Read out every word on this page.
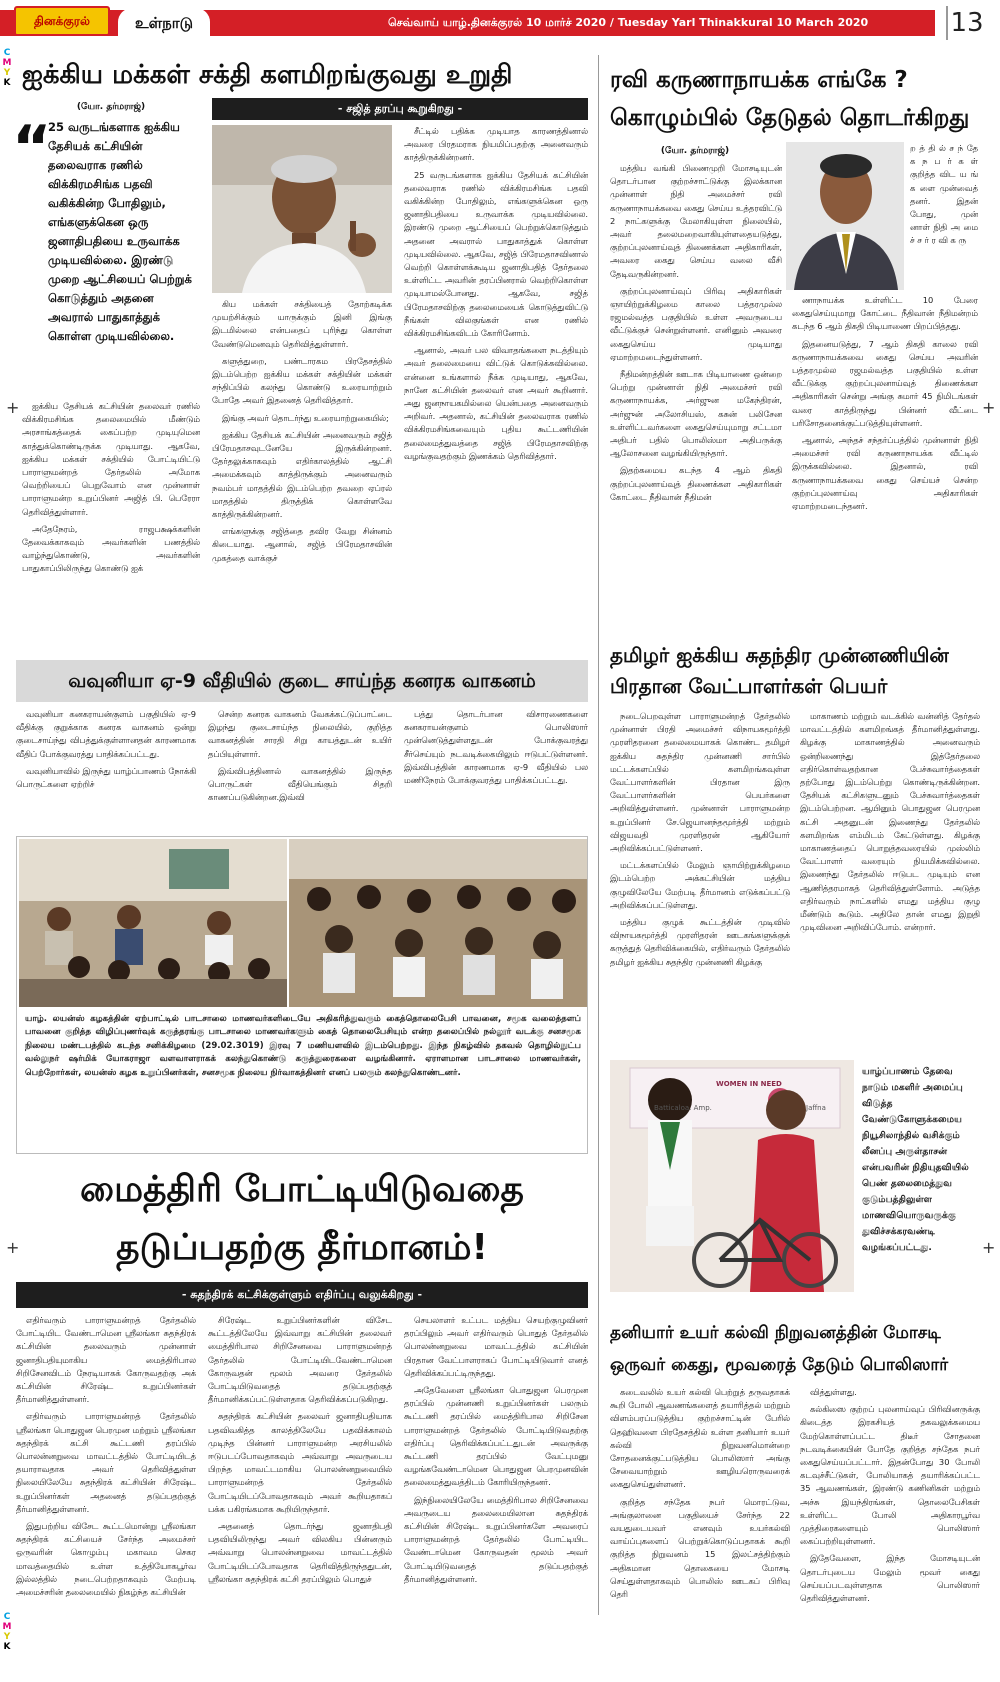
தினக்குரல்	உள்நாடு	செவ்வாய் யாழ்.தினக்குரல் 10 மார்ச் 2020 / Tuesday Yarl Thinakkural 10 March 2020	13
C
M
Y
K
C
M
Y
K
+	+
+	+
ஐக்கிய மக்கள் சக்தி களமிறங்குவது உறுதி
- சஜித் தரப்பு கூறுகிறது -
(யோ. தர்மராஜ்)
“
25 வருடங்களாக ஐக்கிய தேசியக் கட்சியின் தலைவராக ரணில் விக்கிரமசிங்க பதவி வகிக்கின்ற போதிலும், எங்களுக்கென ஒரு ஜனாதிபதியை உருவாக்க முடியவில்லை. இரண்டு முறை ஆட்சியைப் பெற்றுக் கொடுத்தும் அதனை அவரால் பாதுகாத்துக் கொள்ள முடியவில்லை.

ஐக்கிய தேசியக் கட்சியின் தலைவர் ரணில் விக்கிரமசிங்க தலைமையில் மீண்டும் அரசாங்கத்தைக் கைப்பற்ற முடியுமென காத்துக்கொண்டிருக்க முடியாது. ஆகவே, ஐக்கிய மக்கள் சக்தியில் போட்டியிட்டு பாராளுமன்றத் தேர்தலில் அமோக வெற்றியைப் பெறுவோம் என முன்னாள் பாராளுமன்ற உறுப்பினர் அஜித் பி. பெரேரா தெரிவித்துள்ளார்.

அதேநேரம், ராஜபக்ஷக்களின் தேவைக்காகவும் அவர்களின் பணத்தில் வாழ்ந்துகொண்டு, அவர்களின் பாதுகாப்பிலிருந்து கொண்டு ஐக்

கிய மக்கள் சக்தியைத் தோற்கடிக்க முயற்சிக்கும் யாருக்கும் இனி இங்கு இடமில்லை என்பதைப் புரிந்து கொள்ள வேண்டுமெனவும் தெரிவித்துள்ளார்.

களுத்துறை, பண்டாரகம பிரதேசத்தில் இடம்பெற்ற ஐக்கிய மக்கள் சக்தியின் மக்கள் சந்திப்பில் கலந்து கொண்டு உரையாற்றும் போதே அவர் இதனைத் தெரிவித்தார்.

இங்கு அவர் தொடர்ந்து உரையாற்றுகையில்;

ஐக்கிய தேசியக் கட்சியின் அனைவரும் சஜித் பிரேமதாசவுடனேயே இருக்கின்றனர். தேர்தலுக்காகவும் எதிர்காலத்தில் ஆட்சி அமைக்கவும் காத்திருக்கும் அனைவரும் நவம்பர் மாதத்தில் இடம்பெற்ற தவறை ஏப்ரல் மாதத்தில் திருத்திக் கொள்ளவே காத்திருக்கின்றனர்.

எங்களுக்கு சஜித்தை தவிர வேறு சின்னம் கிடையாது. ஆனால், சஜித் பிரேமதாசவின் முகத்தை வாக்குச்

சீட்டில் பதிக்க முடியாத காரணத்தினால் அவரை பிரதமராக நியமிப்பதற்கு அனைவரும் காத்திருக்கின்றனர்.

25 வருடங்களாக ஐக்கிய தேசியக் கட்சியின் தலைவராக ரணில் விக்கிரமசிங்க பதவி வகிக்கின்ற போதிலும், எங்களுக்கென ஒரு ஜனாதிபதியை உருவாக்க முடியவில்லை. இரண்டு முறை ஆட்சியைப் பெற்றுக்கொடுத்தும் அதனை அவரால் பாதுகாத்துக் கொள்ள முடியவில்லை. ஆகவே, சஜித் பிரேமதாசவினால் வெற்றி கொள்ளக்கூடிய ஜனாதிபதித் தேர்தலை உள்ளிட்ட அவரின் தரப்பினரால் வெற்றிகொள்ள முடியாமல்போனது. ஆகவே, சஜித் பிரேமதாசவிற்கு தலைமையைக் கொடுத்துவிட்டு நீங்கள் விலகுங்கள் என ரணில் விக்கிரமசிங்கவிடம் கோரினோம்.

ஆனால், அவர் பல விவாதங்களை நடத்தியும் அவர் தலைமையை விட்டுக் கொடுக்கவில்லை. என்னை உங்களால் நீக்க முடியாது, ஆகவே, நானே கட்சியின் தலைவர் என அவர் கூறினார். அது ஜனநாயகமில்லை யென்பதை அனைவரும் அறிவர். அதனால், கட்சியின் தலைவராக ரணில் விக்கிரமசிங்கவையும் புதிய கூட்டணியின் தலைமைத்துவத்தை சஜித் பிரேமதாசவிற்கு வழங்குவதற்கும் இணக்கம் தெரிவித்தார்.

ரவி கருணாநாயக்க எங்கே ?
கொழும்பில் தேடுதல் தொடர்கிறது
(யோ. தர்மராஜ்)

மத்திய வங்கி பிணைமுறி மோசடியுடன் தொடர்பான குற்றச்சாட்டுக்கு இலக்கான முன்னாள் நிதி அமைச்சர் ரவி கருணாநாயக்கவை கைது செய்ய உத்தரவிட்டு 2 நாட்களுக்கு மேலாகியுள்ள நிலையில், அவர் தலைமறைவாகியுள்ளதையடுத்து, குற்றப்புலனாய்வுத் திணைக்கள அதிகாரிகள், அவரை கைது செய்ய வலை வீசி தேடிவருகின்றனர்.

குற்றப்புலனாய்வுப் பிரிவு அதிகாரிகள் ஞாயிற்றுக்கிழமை காலை பத்தரமுல்ல ரஜமல்வத்த பகுதியில் உள்ள அவருடைய வீட்டுக்குச் சென்றுள்ளனர். எனினும் அவரை கைதுசெய்ய முடியாது ஏமாற்றமடைந்துள்ளனர்.

நீதிமன்றத்தின் ஊடாக பிடியாணை ஒன்றை பெற்று முன்னாள் நிதி அமைச்சர் ரவி கருணாநாயக்க, அர்ஜுன மகேந்திரன், அர்ஜுன் அலோசியஸ், கசுன் பலிசேன உள்ளிட்டவர்களை கைதுசெய்யுமாறு சட்டமா அதிபர் பதில் பொலிஸ்மா அதிபருக்கு ஆலோசனை வழங்கியிருந்தார்.

இதற்கமைய கடந்த 4 ஆம் திகதி குற்றப்புலனாய்வுத் திணைக்கள அதிகாரிகள் கோட்டை நீதிவான் நீதிமன்

ற த் தி ல் ச ந் தே க ந ப ர் க ள் குறித்த விட ய ங் க ளை முன்வைத் தனர். இதன் போது, முன் னாள் நிதி அ மை ச் ச ர் ர வி க ரு

ணாநாயக்க உள்ளிட்ட 10 பேரை கைதுசெய்யுமாறு கோட்டை நீதிவான் நீதிமன்றம் கடந்த 6 ஆம் திகதி பிடியாணை பிறப்பித்தது.

இதனையடுத்து, 7 ஆம் திகதி காலை ரவி கருணாநாயக்கவை கைது செய்ய அவரின் பத்தரமுல்ல ரஜமல்வத்த பகுதியில் உள்ள வீட்டுக்கு குற்றப்புலனாய்வுத் திணைக்கள அதிகாரிகள் சென்று அங்கு சுமார் 45 நிமிடங்கள் வரை காத்திருந்து பின்னர் வீட்டை பரிசோதனைக்குட்படுத்தியுள்ளனர்.

ஆனால், அந்தச் சந்தர்ப்பத்தில் முன்னாள் நிதி அமைச்சர் ரவி கருணாநாயக்க வீட்டில் இருக்கவில்லை. இதனால், ரவி கருணாநாயக்கவை கைது செய்யச் சென்ற குற்றப்புலனாய்வு அதிகாரிகள் ஏமாற்றமடைந்தனர்.

வவுனியா ஏ-9 வீதியில் குடை சாய்ந்த கனரக வாகனம்

வவுனியா கனகராயன்குளம் பகுதியில் ஏ-9 வீதிக்கு குறுக்காக கனரக வாகனம் ஒன்று குடைசாய்ந்து விபத்துக்குள்ளானதன் காரணமாக வீதிப் போக்குவரத்து பாதிக்கப்பட்டது.

வவுனியாவில் இருந்து யாழ்ப்பாணம் நோக்கி பொருட்களை ஏற்றிச்

சென்ற கனரக வாகனம் வேகக்கட்டுப்பாட்டை இழந்து குடைசாய்ந்த நிலையில், குறித்த வாகனத்தின் சாரதி சிறு காயத்துடன் உயிர் தப்பியுள்ளார்.

இவ்விபத்தினால் வாகனத்தில் இருந்த பொருட்கள் வீதியெங்கும் சிதறி காணப்படுகின்றன.இவ்வி

பத்து தொடர்பான விசாரணைகளை கனகராயன்குளம் பொலிஸார் முன்னெடுத்துள்ளதுடன் போக்குவரத்து சீர்செய்யும் நடவடிக்கையிலும் ஈடுபட்டுள்ளனர். இவ்விபத்தின் காரணமாக ஏ-9 வீதியில் பல மணிநேரம் போக்குவரத்து பாதிக்கப்பட்டது.

யாழ். லயன்ஸ் கழகத்தின் ஏற்பாட்டில் பாடசாலை மாணவர்களிடையே அதிகரித்துவரும் கைத்தொலைபேசி பாவனை, சமூக வலைத்தளப் பாவனை குறித்த விழிப்புணர்வுக் கருத்தரங்கு பாடசாலை மாணவர்களும் கைத் தொலைபேசியும் என்ற தலைப்பில் நல்லூர் வடக்கு சனசமூக நிலைய மண்டபத்தில் கடந்த சனிக்கிழமை (29.02.3019) இரவு 7 மணியளவில் இடம்பெற்றது. இந்த நிகழ்வில் தகவல் தொழில்நுட்ப வல்லுநர் ஷர்மிக் யோகராஜா வளவாளராகக் கலந்துகொண்டு கருத்துரைகளை வழங்கினார். ஏராளமான பாடசாலை மாணவர்கள், பெற்றோர்கள், லயன்ஸ் கழக உறுப்பினர்கள், சனசமூக நிலைய நிர்வாகத்தினர் எனப் பலரும் கலந்துகொண்டனர்.
தமிழர் ஐக்கிய சுதந்திர முன்னணியின் பிரதான வேட்பாளர்கள் பெயர்

நடைபெறவுள்ள பாராளுமன்றத் தேர்தலில் முன்னாள் பிரதி அமைச்சர் விநாயகமூர்த்தி முரளிதரனை தலைமையாகக் கொண்ட தமிழர் ஐக்கிய சுதந்திர முன்னணி சார்பில் மட்டக்களப்பில் களமிறங்கவுள்ள வேட்பாளர்களின் பிரதான இரு வேட்பாளர்களின் பெயர்களை அறிவித்துள்ளனர். முன்னாள் பாராளுமன்ற உறுப்பினர் சே.ஜெயானந்தமூர்த்தி மற்றும் விஜயவதி முரளிதரன் ஆகியோர் அறிவிக்கப்பட்டுள்ளனர்.

மட்டக்களப்பில் மேலும் ஞாயிற்றுக்கிழமை இடம்பெற்ற அக்கட்சியின் மத்திய குழுவிலேயே மேற்படி தீர்மானம் எடுக்கப்பட்டு அறிவிக்கப்பட்டுள்ளது.

மத்திய குழுக் கூட்டத்தின் முடிவில் விநாயகமூர்த்தி முரளிதரன் ஊடகங்களுக்குக் கருத்துத் தெரிவிக்கையில், எதிர்வரும் தேர்தலில் தமிழர் ஐக்கிய சுதந்திர முன்னணி கிழக்கு

மாகாணம் மற்றும் வடக்கில் வன்னித் தேர்தல் மாவட்டத்தில் களமிறங்கத் தீர்மானித்துள்ளது. கிழக்கு மாகாணத்தில் அனைவரும் ஒன்றிணைந்து இத்தேர்தலை எதிர்கொள்வதற்கான பேச்சுவார்த்தைகள் தற்போது இடம்பெற்று கொண்டிருக்கின்றன. தேசியக் கட்சிகளுடனும் பேச்சுவார்த்தைகள் இடம்பெற்றன. ஆயினும் பொதுஜன பெரமுன கட்சி அதனுடன் இணைந்து தேர்தலில் களமிறங்க எம்மிடம் கேட்டுள்ளது. கிழக்கு மாகாணத்தைப் பொறுத்தவரையில் முஸ்லிம் வேட்பாளர் வரையும் நியமிக்கவில்லை. இணைந்து தேர்தலில் ஈடுபட முடியும் என ஆணித்தரமாகத் தெரிவித்துள்ளோம். அடுத்த எதிர்வரும் நாட்களில் எமது மத்திய குழு மீண்டும் கூடும். அதிலே தான் எமது இறுதி முடிவினை அறிவிப்போம். என்றார்.

WOMEN IN NEED
Batticaloa. Amp.	Jaffna
யாழ்ப்பாணம் தேவை நாடும் மகளிர் அமைப்பு விடுத்த வேண்டுகோளுக்கமைய நியூசிலாந்தில் வசிக்கும் லீனப்பு அருள்தாசன் என்பவரின் நிதியுதவியில் பெண் தலைமைத்துவ குடும்பத்திலுள்ள மாணவியொருவருக்கு துவிச்சக்கரவண்டி வழங்கப்பட்டது.
மைத்திரி போட்டியிடுவதை
தடுப்பதற்கு தீர்மானம்!
- சுதந்திரக் கட்சிக்குள்ளும் எதிர்ப்பு வலுக்கிறது -

எதிர்வரும் பாராளுமன்றத் தேர்தலில் போட்டியிட வேண்டாமென ஸ்ரீலங்கா சுதந்திரக் கட்சியின் தலைவரும் முன்னாள் ஜனாதிபதியுமாகிய மைத்திரிபால சிறிசேனவிடம் நேரடியாகக் கோருவதற்கு அக் கட்சியின் சிரேஷ்ட உறுப்பினர்கள் தீர்மானித்துள்ளனர்.

எதிர்வரும் பாராளுமன்றத் தேர்தலில் ஸ்ரீலங்கா பொதுஜன பெரமுன மற்றும் ஸ்ரீலங்கா சுதந்திரக் கட்சி கூட்டணி தரப்பில் பொலன்னறுவை மாவட்டத்தில் போட்டியிடத் தயாராவதாக அவர் தெரிவித்துள்ள நிலையிலேயே சுதந்திரக் கட்சியின் சிரேஷ்ட உறுப்பினர்கள் அதனைத் தடுப்பதற்குத் தீர்மானித்துள்ளனர்.

இதுபற்றிய விசேட கூட்டமொன்று ஸ்ரீலங்கா சுதந்திரக் கட்சியைச் சேர்ந்த அமைச்சர் ஒருவரின் கொழும்பு மகாவம செகர மாவத்தையில் உள்ள உத்தியோகபூர்வ இல்லத்தில் நடைபெற்றதாகவும் மேற்படி அமைச்சரின் தலைமையில் நிகழ்ந்த கட்சியின்

சிரேஷ்ட உறுப்பினர்களின் விசேட கூட்டத்திலேயே இவ்வாறு கட்சியின் தலைவர் மைத்திரிபால சிறிசேனவை பாராளுமன்றத் தேர்தலில் போட்டியிடவேண்டாமென கோருவதன் மூலம் அவரை தேர்தலில் போட்டியிடுவதைத் தடுப்பதற்குத் தீர்மானிக்கப்பட்டுள்ளதாக தெரிவிக்கப்படுகிறது.

சுதந்திரக் கட்சியின் தலைவர் ஜனாதிபதியாக பதவிவகித்த காலத்திலேயே பதவிக்காலம் முடிந்த பின்னர் பாராளுமன்ற அரசியலில் ஈடுபடப்போவதாகவும் அவ்வாறு அவருடைய பிறந்த மாவட்டமாகிய பொலன்னறுவையில் பாராளுமன்றத் தேர்தலில் போட்டியிடப்போவதாகவும் அவர் கூறியதாகப் பக்க பகிரங்கமாக கூறியிருந்தார்.

அதனைத் தொடர்ந்து ஜனாதிபதி பதவியிலிருந்து அவர் விலகிய பின்னரும் அவ்வாறு பொலன்னறுவை மாவட்டத்தில் போட்டியிடப்போவதாக தெரிவித்திருந்ததுடன், ஸ்ரீலங்கா சுதந்திரக் கட்சி தரப்பிலும் பொதுச்

செயலாளர் உட்பட மத்திய செயற்குழுவினர் தரப்பிலும் அவர் எதிர்வரும் பொதுத் தேர்தலில் பொலன்னறுவை மாவட்டத்தில் கட்சியின் பிரதான வேட்பாளராகப் போட்டியிடுவார் எனத் தெரிவிக்கப்பட்டிருந்தது.

அதேவேளை ஸ்ரீலங்கா பொதுஜன பெரமுன தரப்பில் முன்னணி உறுப்பினர்கள் பலரும் கூட்டணி தரப்பில் மைத்திரிபால சிறிசேன பாராளுமன்றத் தேர்தலில் போட்டியிடுவதற்கு எதிர்ப்பு தெரிவிக்கப்பட்டதுடன் அவருக்கு கூட்டணி தரப்பில் வேட்புமனு வழங்கவேண்டாமென பொதுஜன பெரமுனவின் தலைமைத்துவத்திடம் கோரியிருந்தனர்.

இந்நிலையிலேயே மைத்திரிபால சிறிசேனவை அவருடைய தலைமையிலான சுதந்திரக் கட்சியின் சிரேஷ்ட உறுப்பினர்களே அவரைப் பாராளுமன்றத் தேர்தலில் போட்டியிட வேண்டாமென கோருவதன் மூலம் அவர் போட்டியிடுவதைத் தடுப்பதற்குத் தீர்மானித்துள்ளனர்.

தனியார் உயர் கல்வி நிறுவனத்தின் மோசடி
ஒருவர் கைது, மூவரைத் தேடும் பொலிஸார்

கடைவலில் உயர் கல்வி பெற்றுத் தருவதாகக் கூறி போலி ஆவணங்களைத் தயாரித்தல் மற்றும் விளம்பரப்படுத்திய குற்றச்சாட்டின் பேரில் தெஹிவளை பிரதேசத்தில் உள்ள தனியார் உயர் கல்வி நிறுவனமொன்றை சோதனைக்குட்படுத்திய பொலிஸார் அங்கு சேவையாற்றும் ஊழியரொருவரைக் கைதுசெய்துள்ளனர்.

குறித்த சந்தேக நபர் மொரட்டுவ, அங்குலானை பகுதியைச் சேர்ந்த 22 வயதுடையவர் எனவும் உயர்கல்வி வாய்ப்புகளைப் பெற்றுக்கொடுப்பதாகக் கூறி குறித்த நிறுவனம் 15 இலட்சத்திற்கும் அதிகமான தொகையை மோசடி செய்துள்ளதாகவும் பொலிஸ் ஊடகப் பிரிவு தெரி

வித்துள்ளது.

கல்கிஸை குற்றப் புலனாய்வுப் பிரிவினருக்கு கிடைத்த இரகசியத் தகவலுக்கமைய மேற்கொள்ளப்பட்ட திடீர் சோதனை நடவடிக்கையின் போதே குறித்த சந்தேக நபர் கைதுசெய்யப்பட்டார். இதன்போது 30 போலி கடவுச்சீட்டுகள், போலியாகத் தயாரிக்கப்பட்ட 35 ஆவணங்கள், இரண்டு கணினிகள் மற்றும் அச்சு இயந்திரங்கள், தொலைபேசிகள் உள்ளிட்ட போலி அதிகாரபூர்வ முத்திரைகளையும் பொலிஸார் கைப்பற்றியுள்ளனர்.

இதேவேளை, இந்த மோசடியுடன் தொடர்புடைய மேலும் மூவர் கைது செய்யப்படவுள்ளதாக பொலிஸார் தெரிவித்துள்ளனர்.
